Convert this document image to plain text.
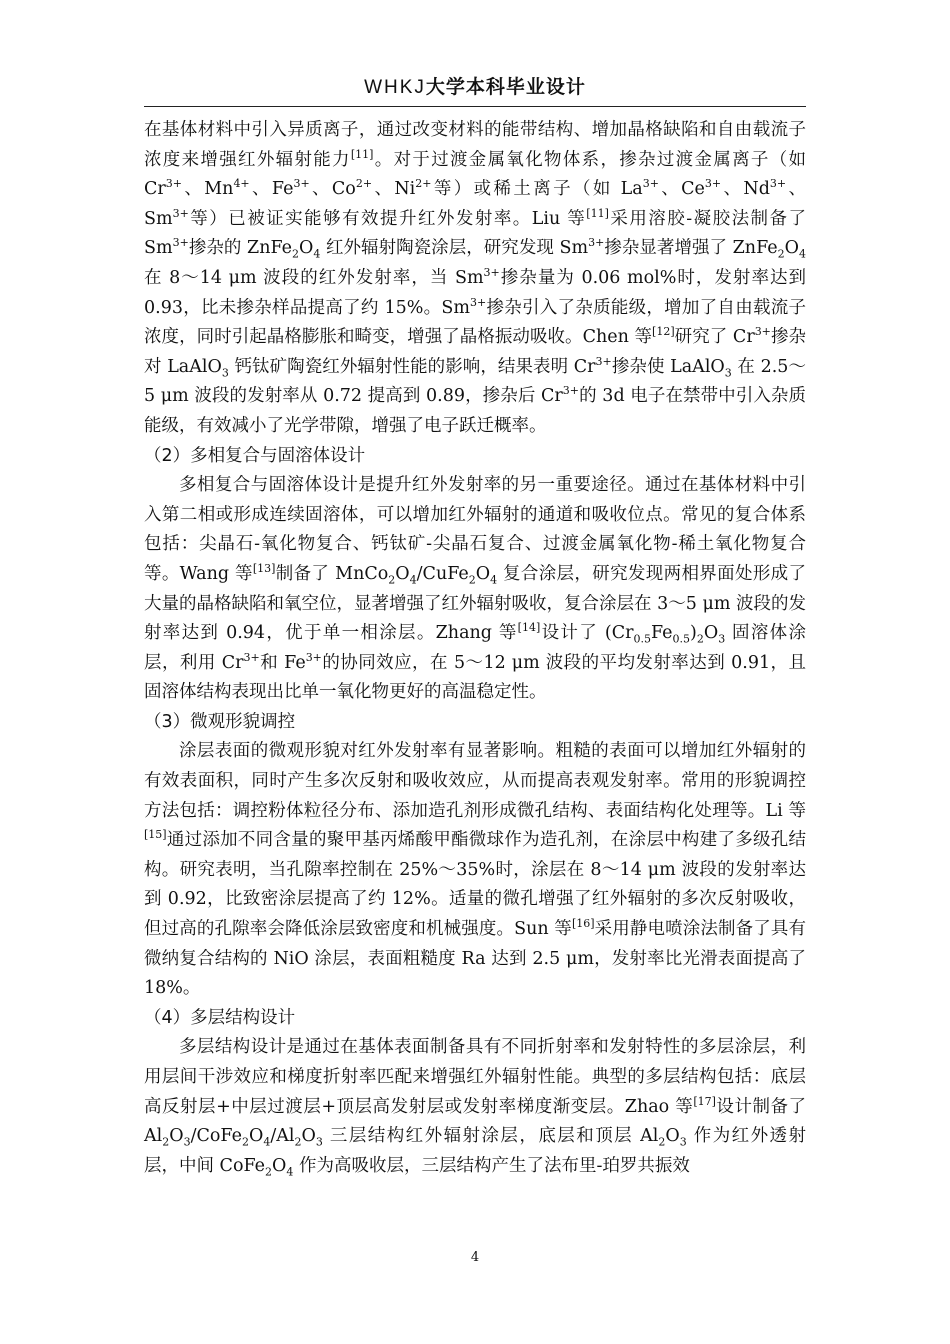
WHKJ大学本科毕业设计

在基体材料中引入异质离子，通过改变材料的能带结构、增加晶格缺陷和自由载流子浓度来增强红外辐射能力[11]。对于过渡金属氧化物体系，掺杂过渡金属离子（如 $Cr^{3+}$、$Mn^{4+}$、$Fe^{3+}$、$Co^{2+}$、$Ni^{2+}$等）或稀土离子（如 $La^{3+}$、$Ce^{3+}$、$Nd^{3+}$、$Sm^{3+}$等）已被证实能够有效提升红外发射率。Liu 等[11]采用溶胶-凝胶法制备了 $Sm^{3+}$掺杂的 $ZnFe_2O_4$ 红外辐射陶瓷涂层，研究发现 $Sm^{3+}$掺杂显著增强了 $ZnFe_2O_4$ 在 8～14 μm 波段的红外发射率，当 $Sm^{3+}$掺杂量为 0.06 mol%时，发射率达到 0.93，比未掺杂样品提高了约 15%。$Sm^{3+}$掺杂引入了杂质能级，增加了自由载流子浓度，同时引起晶格膨胀和畸变，增强了晶格振动吸收。Chen 等[12]研究了 $Cr^{3+}$掺杂对 LaAlO$_3$ 钙钛矿陶瓷红外辐射性能的影响，结果表明 $Cr^{3+}$掺杂使 LaAlO$_3$ 在 2.5～5 μm 波段的发射率从 0.72 提高到 0.89，掺杂后 $Cr^{3+}$的 3d 电子在禁带中引入杂质能级，有效减小了光学带隙，增强了电子跃迁概率。

（2）多相复合与固溶体设计

多相复合与固溶体设计是提升红外发射率的另一重要途径。通过在基体材料中引入第二相或形成连续固溶体，可以增加红外辐射的通道和吸收位点。常见的复合体系包括：尖晶石-氧化物复合、钙钛矿-尖晶石复合、过渡金属氧化物-稀土氧化物复合等。Wang 等[13]制备了 $MnCo_2O_4/CuFe_2O_4$ 复合涂层，研究发现两相界面处形成了大量的晶格缺陷和氧空位，显著增强了红外辐射吸收，复合涂层在 3～5 μm 波段的发射率达到 0.94，优于单一相涂层。Zhang 等[14]设计了 $(Cr_{0.5}Fe_{0.5})_2O_3$ 固溶体涂层，利用 $Cr^{3+}$和 $Fe^{3+}$的协同效应，在 5～12 μm 波段的平均发射率达到 0.91，且固溶体结构表现出比单一氧化物更好的高温稳定性。

（3）微观形貌调控

涂层表面的微观形貌对红外发射率有显著影响。粗糙的表面可以增加红外辐射的有效表面积，同时产生多次反射和吸收效应，从而提高表观发射率。常用的形貌调控方法包括：调控粉体粒径分布、添加造孔剂形成微孔结构、表面结构化处理等。Li 等[15]通过添加不同含量的聚甲基丙烯酸甲酯微球作为造孔剂，在涂层中构建了多级孔结构。研究表明，当孔隙率控制在 25%～35%时，涂层在 8～14 μm 波段的发射率达到 0.92，比致密涂层提高了约 12%。适量的微孔增强了红外辐射的多次反射吸收，但过高的孔隙率会降低涂层致密度和机械强度。Sun 等[16]采用静电喷涂法制备了具有微纳复合结构的 NiO 涂层，表面粗糙度 Ra 达到 2.5 μm，发射率比光滑表面提高了 18%。

（4）多层结构设计

多层结构设计是通过在基体表面制备具有不同折射率和发射特性的多层涂层，利用层间干涉效应和梯度折射率匹配来增强红外辐射性能。典型的多层结构包括：底层高反射层+中层过渡层+顶层高发射层或发射率梯度渐变层。Zhao 等[17]设计制备了 $Al_2O_3/CoFe_2O_4/Al_2O_3$ 三层结构红外辐射涂层，底层和顶层 $Al_2O_3$ 作为红外透射层，中间 $CoFe_2O_4$ 作为高吸收层，三层结构产生了法布里-珀罗共振效

4
